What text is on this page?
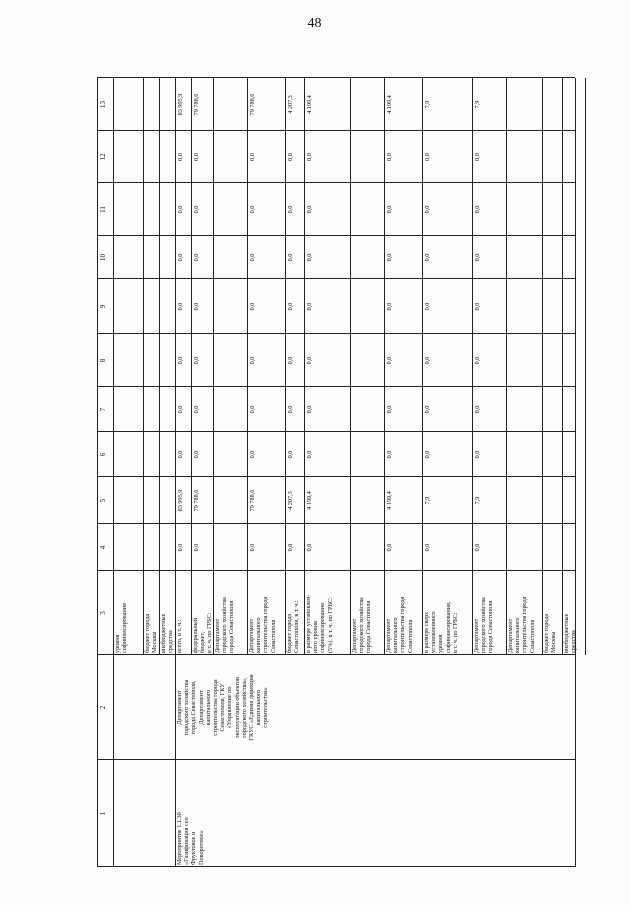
48
1
2
3
4
5
6
7
8
9
10
11
12
13
уровня
софинансирования	бюджет города
Москвы внебюджетные
средства
Мероприятие 1.1.30
«Газификация сел
Фруктовое и
Поворотное»
Департамент
городского хозяйства
города Севастополя,
Департамент
капитального
строительства города
Севастополя, ГКУ
«Управление по
эксплуатации объектов
городского хозяйства»,
ГКУС «Единая дирекция
капитального
строительства»
всего, в т. ч.:
0,0
83 995,9
0,0
0,0
0,0
0,0
0,0
0,0
0,0
83 995,9
федеральный
бюджет,
в т. ч. по ГРБС:
0,0
79 788,6
0,0
0,0
0,0
0,0
0,0
0,0
0,0
79 788,6
Департамент
городского хозяйства
города Севастополя
Департамент
капитального
строительства города
Севастополя
0,0
79 788,6
0,0
0,0
0,0
0,0
0,0
0,0
0,0
79 788,6
бюджет города
Севастополя, в т. ч.:
0,0
4 207,3
0,0
0,0
0,0
0,0
0,0
0,0
0,0
4 207,3
в размере установлен-
ного уровня
софинансирования
(5%), в т. ч. по ГРБС:
0,0
4 199,4
0,0
0,0
0,0
0,0
0,0
0,0
0,0
4 199,4
Департамент
городского хозяйства
города Севастополя
Департамент
капитального
строительства города
Севастополя
0,0
4 199,4
0,0
0,0
0,0
0,0
0,0
0,0
0,0
4 199,4
в размере сверх
установленного
уровня
софинансирования,
в т. ч. по ГРБС:
0,0
7,9
0,0
0,0
0,0
0,0
0,0
0,0
0,0
7,9
Департамент
городского хозяйства
города Севастополя
0,0
7,9
0,0
0,0
0,0
0,0
0,0
0,0
0,0
7,9
Департамент
капитального
строительства города
Севастополя	бюджет города
Москвы внебюджетные
средства
